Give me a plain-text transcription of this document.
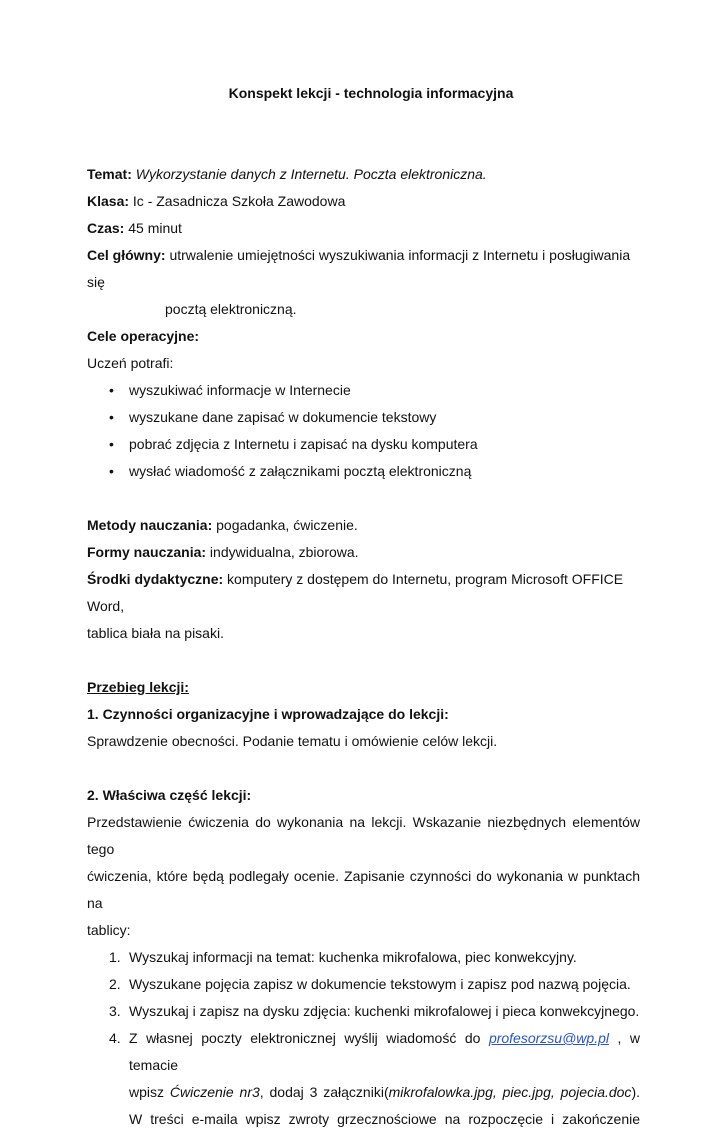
Konspekt lekcji - technologia informacyjna

Temat: Wykorzystanie danych z Internetu. Poczta elektroniczna.

Klasa: Ic - Zasadnicza Szkoła Zawodowa

Czas: 45 minut

Cel główny: utrwalenie umiejętności wyszukiwania informacji z Internetu i posługiwania się

pocztą elektroniczną.

Cele operacyjne:

Uczeń potrafi:

• wyszukiwać informacje w Internecie
• wyszukane dane zapisać w dokumencie tekstowy
• pobrać zdjęcia z Internetu i zapisać na dysku komputera
• wysłać wiadomość z załącznikami pocztą elektroniczną

Metody nauczania: pogadanka, ćwiczenie.

Formy nauczania: indywidualna, zbiorowa.

Środki dydaktyczne: komputery z dostępem do Internetu, program Microsoft OFFICE Word,

tablica biała na pisaki.

Przebieg lekcji:

1. Czynności organizacyjne i wprowadzające do lekcji:

Sprawdzenie obecności. Podanie tematu i omówienie celów lekcji.

2. Właściwa część lekcji:

Przedstawienie ćwiczenia do wykonania na lekcji. Wskazanie niezbędnych elementów tego

ćwiczenia, które będą podlegały ocenie. Zapisanie czynności do wykonania w punktach na

tablicy:

1. Wyszukaj informacji na temat: kuchenka mikrofalowa, piec konwekcyjny.
2. Wyszukane pojęcia zapisz w dokumencie tekstowym i zapisz pod nazwą pojęcia.
3. Wyszukaj i zapisz na dysku zdjęcia: kuchenki mikrofalowej i pieca konwekcyjnego.
4. Z własnej poczty elektronicznej wyślij wiadomość do profesorzsu@wp.pl , w temacie
wpisz Ćwiczenie nr3, dodaj 3 załączniki(mikrofalowka.jpg, piec.jpg, pojecia.doc).
W treści e-maila wpisz zwroty grzecznościowe na rozpoczęcie i zakończenie
